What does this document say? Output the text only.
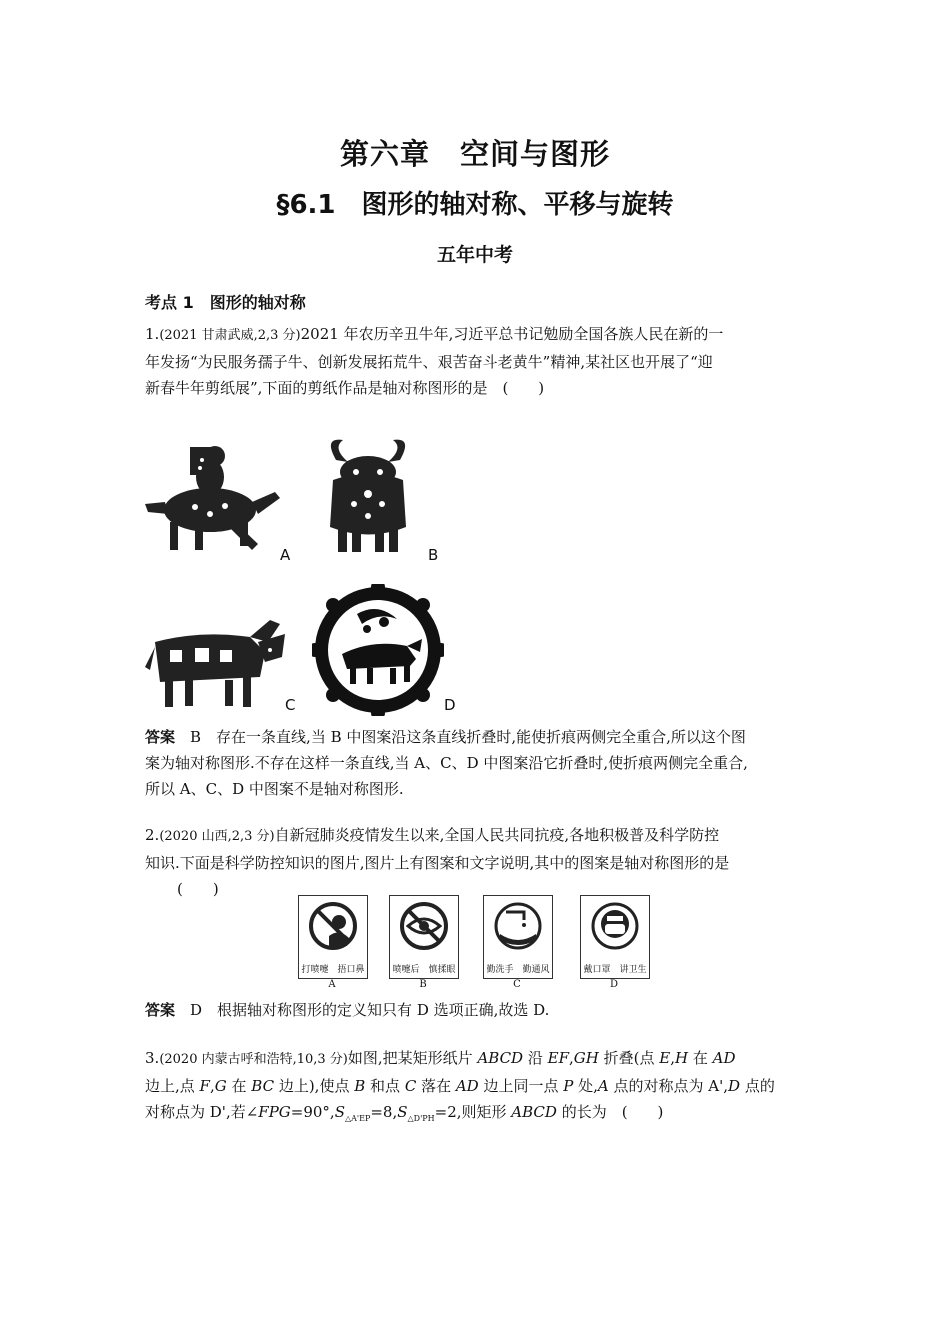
第六章　空间与图形
§6.1　图形的轴对称、平移与旋转
五年中考
考点 1　图形的轴对称
1.(2021 甘肃武威,2,3 分)2021 年农历辛丑牛年,习近平总书记勉励全国各族人民在新的一
年发扬“为民服务孺子牛、创新发展拓荒牛、艰苦奋斗老黄牛”精神,某社区也开展了“迎
新春牛年剪纸展”,下面的剪纸作品是轴对称图形的是　(　　)
A	B
C	D
答案　 B　存在一条直线,当 B 中图案沿这条直线折叠时,能使折痕两侧完全重合,所以这个图
案为轴对称图形.不存在这样一条直线,当 A、C、D 中图案沿它折叠时,使折痕两侧完全重合,
所以 A、C、D 中图案不是轴对称图形.
2.(2020 山西,2,3 分)自新冠肺炎疫情发生以来,全国人民共同抗疫,各地积极普及科学防控
知识.下面是科学防控知识的图片,图片上有图案和文字说明,其中的图案是轴对称图形的是
(　　)
打喷嚏　捂口鼻
A
喷嚏后　慎揉眼
B
勤洗手　勤通风
C
戴口罩　讲卫生
D
答案　 D　根据轴对称图形的定义知只有 D 选项正确,故选 D.
3.(2020 内蒙古呼和浩特,10,3 分)如图,把某矩形纸片 ABCD 沿 EF,GH 折叠(点 E,H 在 AD
边上,点 F,G 在 BC 边上),使点 B 和点 C 落在 AD 边上同一点 P 处,A 点的对称点为 A',D 点的
对称点为 D',若$\angle FPG=90^\circ,S_{\triangle A'EP}=8,S_{\triangle D'PH}=2$,则矩形 ABCD 的长为　(　　)
